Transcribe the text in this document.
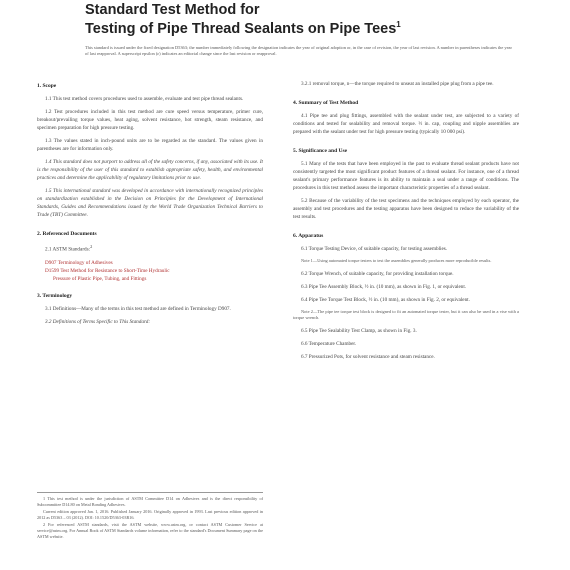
Standard Test Method for
Testing of Pipe Thread Sealants on Pipe Tees$^1$
This standard is issued under the fixed designation D5363; the number immediately following the designation indicates the year of original adoption or, in the case of revision, the year of last revision. A number in parentheses indicates the year of last reapproval. A superscript epsilon (ε) indicates an editorial change since the last revision or reapproval.
1. Scope
1.1 This test method covers procedures used to assemble, evaluate and test pipe thread sealants.
1.2 Test procedures included in this test method are cure speed versus temperature, primer cure, breakout/prevailing torque values, heat aging, solvent resistance, hot strength, steam resistance, and specimen preparation for high pressure testing.
1.3 The values stated in inch-pound units are to be regarded as the standard. The values given in parentheses are for information only.
1.4 This standard does not purport to address all of the safety concerns, if any, associated with its use. It is the responsibility of the user of this standard to establish appropriate safety, health, and environmental practices and determine the applicability of regulatory limitations prior to use.
1.5 This international standard was developed in accordance with internationally recognized principles on standardization established in the Decision on Principles for the Development of International Standards, Guides and Recommendations issued by the World Trade Organization Technical Barriers to Trade (TBT) Committee.
2. Referenced Documents
2.1 ASTM Standards:$^2$
D907 Terminology of Adhesives
D1599 Test Method for Resistance to Short-Time Hydraulic
Pressure of Plastic Pipe, Tubing, and Fittings
3. Terminology
3.1 Definitions—Many of the terms in this test method are defined in Terminology D907.
3.2 Definitions of Terms Specific to This Standard:
1 This test method is under the jurisdiction of ASTM Committee D14 on Adhesives and is the direct responsibility of Subcommittee D14.80 on Metal Bonding Adhesives.
Current edition approved Jan. 1, 2016. Published January 2016. Originally approved in 1993. Last previous edition approved in 2012 as D5363 – 03 (2012). DOI: 10.1520/D5363-03R16.
2 For referenced ASTM standards, visit the ASTM website, www.astm.org, or contact ASTM Customer Service at service@astm.org. For Annual Book of ASTM Standards volume information, refer to the standard's Document Summary page on the ASTM website.
3.2.1 removal torque, n—the torque required to unseat an installed pipe plug from a pipe tee.
4. Summary of Test Method
4.1 Pipe tee and plug fittings, assembled with the sealant under test, are subjected to a variety of conditions and tested for sealability and removal torque. ½ in. cap, coupling and nipple assemblies are prepared with the sealant under test for high pressure testing (typically 10 000 psi).
5. Significance and Use
5.1 Many of the tests that have been employed in the past to evaluate thread sealant products have not consistently targeted the most significant product features of a thread sealant. For instance, one of a thread sealant's primary performance features is its ability to maintain a seal under a range of conditions. The procedures in this test method assess the important characteristic properties of a thread sealant.
5.2 Because of the variability of the test specimens and the techniques employed by each operator, the assembly and test procedures and the testing apparatus have been designed to reduce the variability of the test results.
6. Apparatus
6.1 Torque Testing Device, of suitable capacity, for testing assemblies.
Note 1—Using automated torque testers to test the assemblies generally produces more reproducible results.
6.2 Torque Wrench, of suitable capacity, for providing installation torque.
6.3 Pipe Tee Assembly Block, ½ in. (10 mm), as shown in Fig. 1, or equivalent.
6.4 Pipe Tee Torque Test Block, ½ in. (10 mm), as shown in Fig. 2, or equivalent.
Note 2—The pipe tee torque test block is designed to fit an automated torque tester, but it can also be used in a vise with a torque wrench.
6.5 Pipe Tee Sealability Test Clamp, as shown in Fig. 3.
6.6 Temperature Chamber.
6.7 Pressurized Pots, for solvent resistance and steam resistance.
